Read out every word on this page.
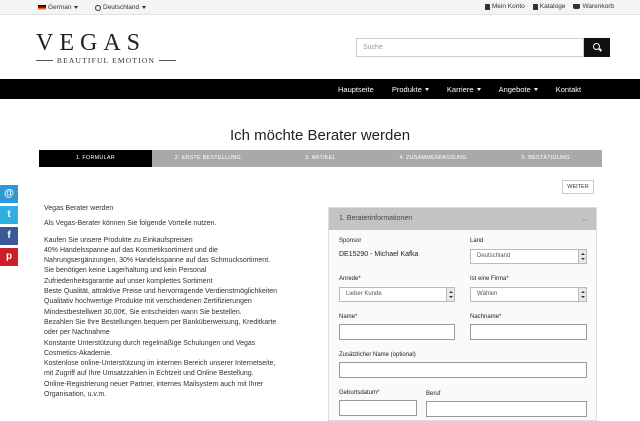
German	Deutschland	Mein Konto Kataloge	Warenkorb
VEGAS
BEAUTIFUL EMOTION
Suche
Hauptseite Produkte	Karriere	Angebote	Kontakt
Ich möchte Berater werden
1. FORMULAR	2. ERSTE BESTELLUNG	3. ARTIKEL	4. ZUSAMMENFASSUNG	5. BESTÄTIGUNG
@
t
f
p
WEITER
Vegas Berater werden
Als Vegas-Berater können Sie folgende Vorteile nutzen.
Kaufen Sie unsere Produkte zu Einkaufspreisen
40% Handelsspanne auf das Kosmetiksortiment und die
Nahrungsergänzungen, 30% Handelsspanne auf das Schmucksortiment.
Sie benötigen keine Lagerhaltung und kein Personal
Zufriedenheitsgarantie auf unser komplettes Sortiment
Beste Qualität, attraktive Preise und hervorragende Verdienstmöglichkeiten
Qualitativ hochwertige Produkte mit verschiedenen Zertifizierungen
Mindestbestellwert 30,00€, Sie entscheiden wann Sie bestellen.
Bezahlen Sie Ihre Bestellungen bequem per Banküberweisung, Kreditkarte
oder per Nachnahme
Konstante Unterstützung durch regelmäßige Schulungen und Vegas
Cosmetics-Akademie.
Kostenlose online-Unterstützung im internen Bereich unserer Internetseite,
mit Zugriff auf Ihre Umsatzzahlen in Echtzeit und Online Bestellung.
Online-Registrierung neuer Partner, internes Mailsystem auch mit Ihrer
Organisation, u.v.m.
1. Beraterinformationen	–
Sponsor
DE15290 - Michael Kafka
Land
Deutschland
Anrede*
Lieber Kunde
Ist eine Firma*
Wählen
Name*	Nachname*
Zusätzlicher Name (optional)
Geburtsdatum*	Beruf
